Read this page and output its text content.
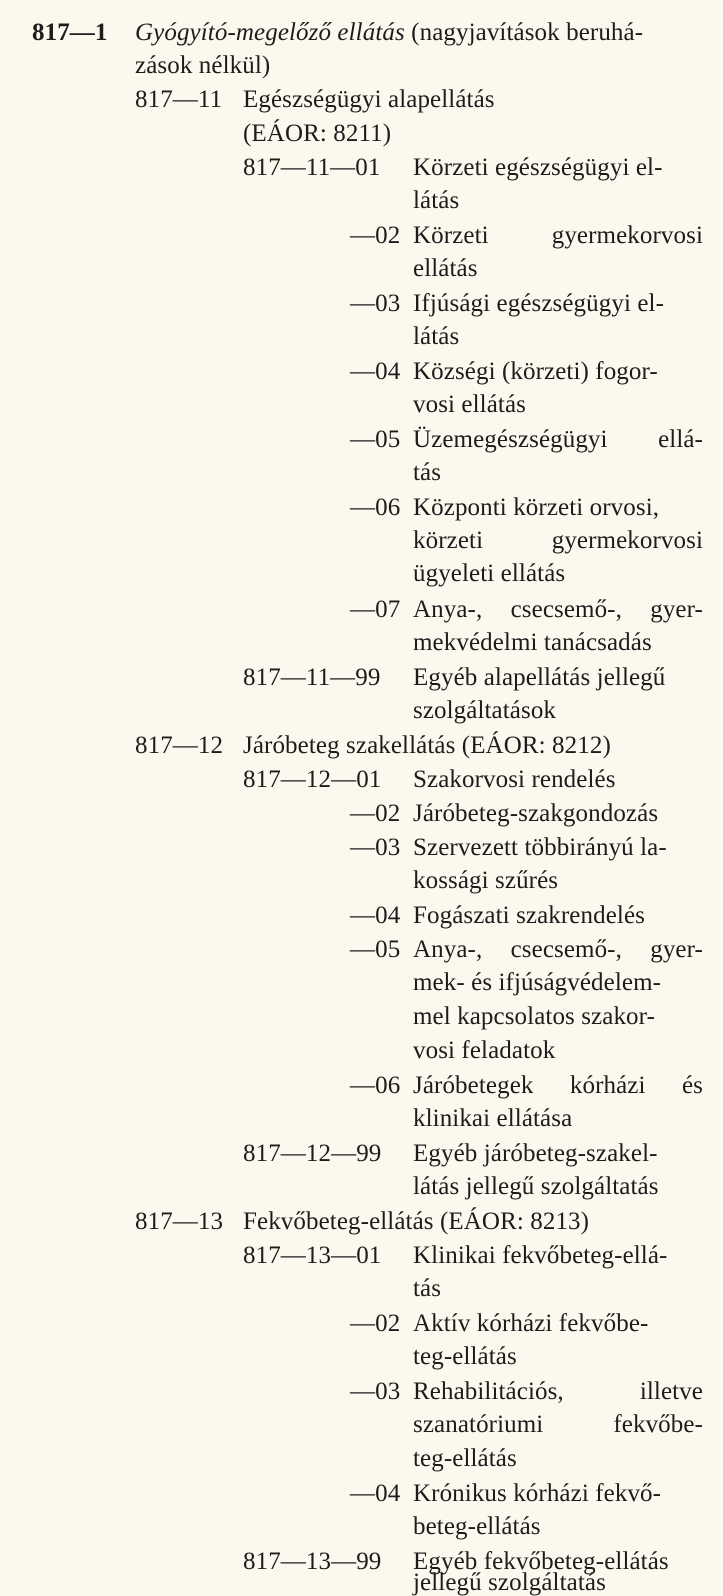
817—1 Gyógyító-megelőző ellátás (nagyjavítások beruhá-
zások nélkül)
817—11 Egészségügyi alapellátás
(EÁOR: 8211)
817—11—01 Körzeti egészségügyi el-
látás
—02 Körzeti	gyermekorvosi
ellátás
—03 Ifjúsági egészségügyi el-
látás
—04 Községi (körzeti) fogor-
vosi ellátás
—05 Üzemegészségügyi ellá-
tás
—06 Központi körzeti orvosi,
körzeti	gyermekorvosi
ügyeleti ellátás
—07 Anya-, csecsemő-, gyer-
mekvédelmi tanácsadás
817—11—99 Egyéb alapellátás jellegű
szolgáltatások
817—12 Járóbeteg szakellátás (EÁOR: 8212)
817—12—01 Szakorvosi rendelés
—02 Járóbeteg-szakgondozás
—03 Szervezett többirányú la-
kossági szűrés
—04 Fogászati szakrendelés
—05 Anya-, csecsemő-, gyer-
mek- és ifjúságvédelem-
mel kapcsolatos szakor-
vosi feladatok
—06 Járóbetegek kórházi és
klinikai ellátása
817—12—99 Egyéb járóbeteg-szakel-
látás jellegű szolgáltatás
817—13 Fekvőbeteg-ellátás (EÁOR: 8213)
817—13—01 Klinikai fekvőbeteg-ellá-
tás
—02 Aktív kórházi fekvőbe-
teg-ellátás
—03 Rehabilitációs,	illetve
szanatóriumi	fekvőbe-
teg-ellátás
—04 Krónikus kórházi fekvő-
beteg-ellátás
817—13—99 Egyéb fekvőbeteg-ellátás
jellegű szolgáltatás
